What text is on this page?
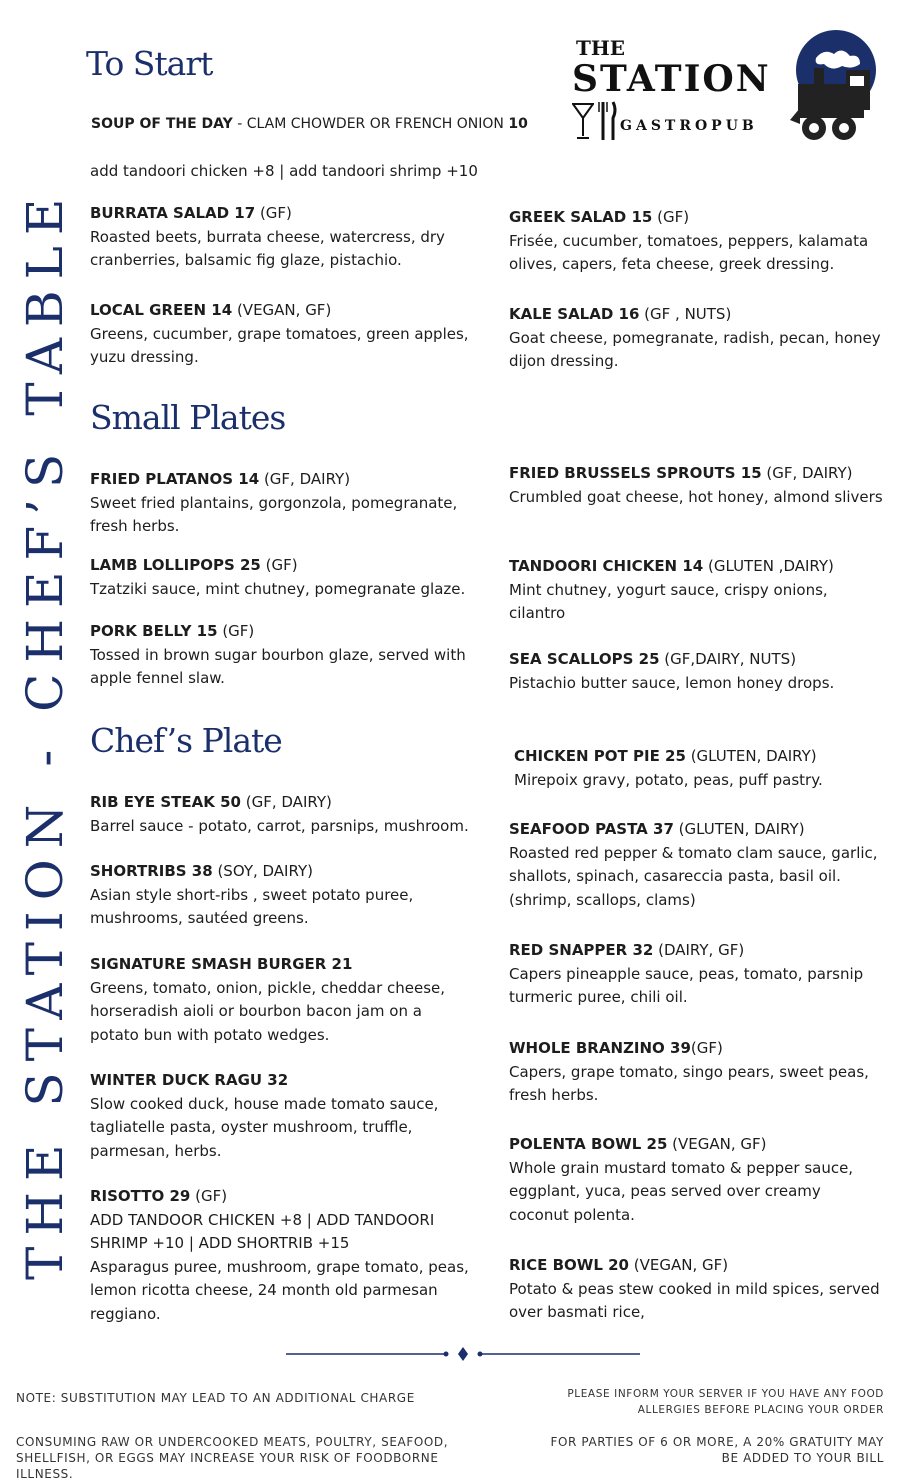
THE STATION - CHEF’S TABLE
THE
STATION
GASTROPUB
To Start
Small Plates
Chef’s Plate
SOUP OF THE DAY - CLAM CHOWDER OR FRENCH ONION 10
add tandoori chicken +8 | add tandoori shrimp +10
BURRATA SALAD 17 (GF)
Roasted beets, burrata cheese, watercress, dry cranberries, balsamic fig glaze, pistachio.
LOCAL GREEN 14 (VEGAN, GF)
Greens, cucumber, grape tomatoes, green apples, yuzu dressing.
GREEK SALAD 15 (GF)
Frisée, cucumber, tomatoes, peppers, kalamata olives, capers, feta cheese, greek dressing.
KALE SALAD 16 (GF , NUTS)
Goat cheese, pomegranate, radish, pecan, honey dijon dressing.
FRIED PLATANOS 14 (GF, DAIRY)
Sweet fried plantains, gorgonzola, pomegranate, fresh herbs.
LAMB LOLLIPOPS 25 (GF)
Tzatziki sauce, mint chutney, pomegranate glaze.
PORK BELLY 15 (GF)
Tossed in brown sugar bourbon glaze, served with apple fennel slaw.
FRIED BRUSSELS SPROUTS 15 (GF, DAIRY)
Crumbled goat cheese, hot honey, almond slivers
TANDOORI CHICKEN 14 (GLUTEN ,DAIRY)
Mint chutney, yogurt sauce, crispy onions, cilantro
SEA SCALLOPS 25 (GF,DAIRY, NUTS)
Pistachio butter sauce, lemon honey drops.
RIB EYE STEAK 50 (GF, DAIRY)
Barrel sauce - potato, carrot, parsnips, mushroom.
SHORTRIBS 38 (SOY, DAIRY)
Asian style short-ribs , sweet potato puree, mushrooms, sautéed greens.
SIGNATURE SMASH BURGER 21
Greens, tomato, onion, pickle, cheddar cheese, horseradish aioli or bourbon bacon jam on a potato bun with potato wedges.
WINTER DUCK RAGU 32
Slow cooked duck, house made tomato sauce, tagliatelle pasta, oyster mushroom, truffle, parmesan, herbs.
RISOTTO 29 (GF)
ADD TANDOOR CHICKEN +8 | ADD TANDOORI SHRIMP +10 | ADD SHORTRIB +15
Asparagus puree, mushroom, grape tomato, peas, lemon ricotta cheese, 24 month old parmesan reggiano.
CHICKEN POT PIE 25 (GLUTEN, DAIRY)
Mirepoix gravy, potato, peas, puff pastry.
SEAFOOD PASTA 37 (GLUTEN, DAIRY)
Roasted red pepper & tomato clam sauce, garlic, shallots, spinach, casareccia pasta, basil oil. (shrimp, scallops, clams)
RED SNAPPER 32 (DAIRY, GF)
Capers pineapple sauce, peas, tomato, parsnip turmeric puree, chili oil.
WHOLE BRANZINO 39(GF)
Capers, grape tomato, singo pears, sweet peas, fresh herbs.
POLENTA BOWL 25 (VEGAN, GF)
Whole grain mustard tomato & pepper sauce, eggplant, yuca, peas served over creamy coconut polenta.
RICE BOWL 20 (VEGAN, GF)
Potato & peas stew cooked in mild spices, served over basmati rice,
NOTE: SUBSTITUTION MAY LEAD TO AN ADDITIONAL CHARGE	PLEASE INFORM YOUR SERVER IF YOU HAVE ANY FOOD ALLERGIES BEFORE PLACING YOUR ORDER
CONSUMING RAW OR UNDERCOOKED MEATS, POULTRY, SEAFOOD, SHELLFISH, OR EGGS MAY INCREASE YOUR RISK OF FOODBORNE ILLNESS.
FOR PARTIES OF 6 OR MORE, A 20% GRATUITY MAY BE ADDED TO YOUR BILL
